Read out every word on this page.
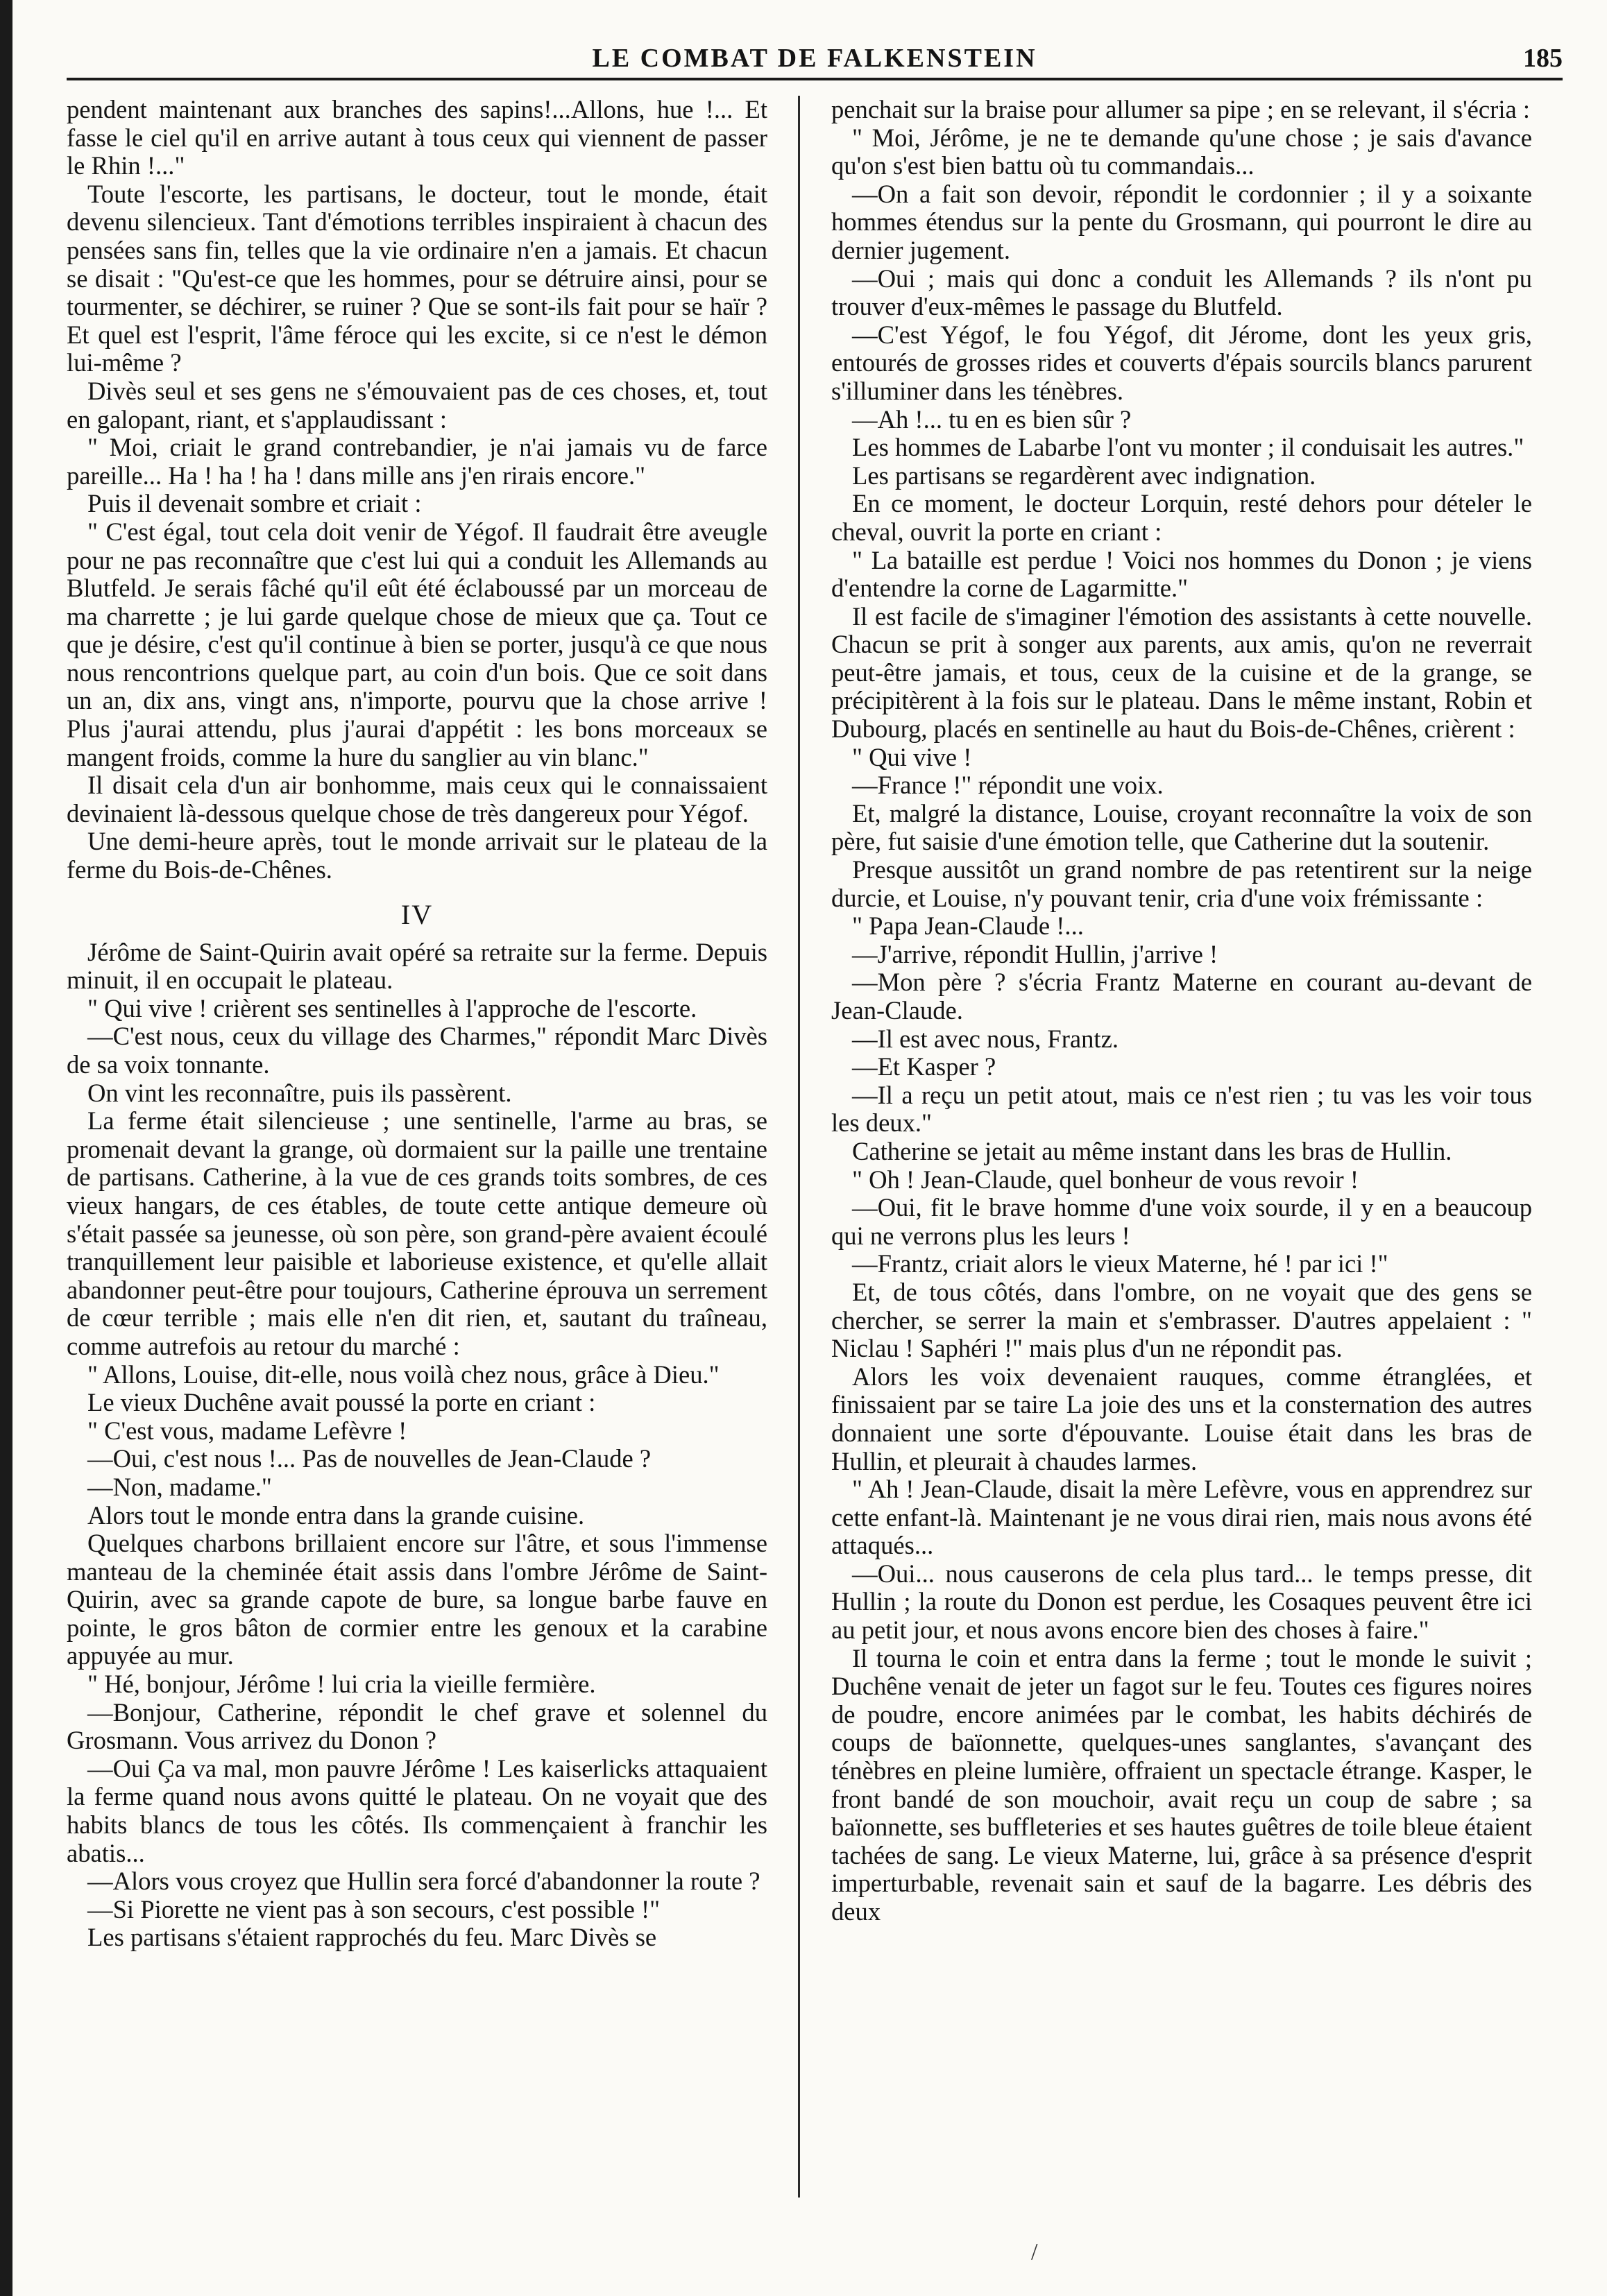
LE COMBAT DE FALKENSTEIN	185

pendent maintenant aux branches des sapins!...Allons, hue !... Et fasse le ciel qu'il en arrive autant à tous ceux qui viennent de passer le Rhin !..."

Toute l'escorte, les partisans, le docteur, tout le monde, était devenu silencieux. Tant d'émotions terribles inspiraient à chacun des pensées sans fin, telles que la vie ordinaire n'en a jamais. Et chacun se disait : "Qu'est-ce que les hommes, pour se détruire ainsi, pour se tourmenter, se déchirer, se ruiner ? Que se sont-ils fait pour se haïr ? Et quel est l'esprit, l'âme féroce qui les excite, si ce n'est le démon lui-même ?

Divès seul et ses gens ne s'émouvaient pas de ces choses, et, tout en galopant, riant, et s'applaudissant :

" Moi, criait le grand contrebandier, je n'ai jamais vu de farce pareille... Ha ! ha ! ha ! dans mille ans j'en rirais encore."

Puis il devenait sombre et criait :

" C'est égal, tout cela doit venir de Yégof. Il faudrait être aveugle pour ne pas reconnaître que c'est lui qui a conduit les Allemands au Blutfeld. Je serais fâché qu'il eût été éclaboussé par un morceau de ma charrette ; je lui garde quelque chose de mieux que ça. Tout ce que je désire, c'est qu'il continue à bien se porter, jusqu'à ce que nous nous rencontrions quelque part, au coin d'un bois. Que ce soit dans un an, dix ans, vingt ans, n'importe, pourvu que la chose arrive ! Plus j'aurai attendu, plus j'aurai d'appétit : les bons morceaux se mangent froids, comme la hure du sanglier au vin blanc."

Il disait cela d'un air bonhomme, mais ceux qui le connaissaient devinaient là-dessous quelque chose de très dangereux pour Yégof.

Une demi-heure après, tout le monde arrivait sur le plateau de la ferme du Bois-de-Chênes.

IV

Jérôme de Saint-Quirin avait opéré sa retraite sur la ferme. Depuis minuit, il en occupait le plateau.

" Qui vive ! crièrent ses sentinelles à l'approche de l'escorte.

—C'est nous, ceux du village des Charmes," répondit Marc Divès de sa voix tonnante.

On vint les reconnaître, puis ils passèrent.

La ferme était silencieuse ; une sentinelle, l'arme au bras, se promenait devant la grange, où dormaient sur la paille une trentaine de partisans. Catherine, à la vue de ces grands toits sombres, de ces vieux hangars, de ces étables, de toute cette antique demeure où s'était passée sa jeunesse, où son père, son grand-père avaient écoulé tranquillement leur paisible et laborieuse existence, et qu'elle allait abandonner peut-être pour toujours, Catherine éprouva un serrement de cœur terrible ; mais elle n'en dit rien, et, sautant du traîneau, comme autrefois au retour du marché :

" Allons, Louise, dit-elle, nous voilà chez nous, grâce à Dieu."

Le vieux Duchêne avait poussé la porte en criant :

" C'est vous, madame Lefèvre !

—Oui, c'est nous !... Pas de nouvelles de Jean-Claude ?

—Non, madame."

Alors tout le monde entra dans la grande cuisine.

Quelques charbons brillaient encore sur l'âtre, et sous l'immense manteau de la cheminée était assis dans l'ombre Jérôme de Saint-Quirin, avec sa grande capote de bure, sa longue barbe fauve en pointe, le gros bâton de cormier entre les genoux et la carabine appuyée au mur.

" Hé, bonjour, Jérôme ! lui cria la vieille fermière.

—Bonjour, Catherine, répondit le chef grave et solennel du Grosmann. Vous arrivez du Donon ?

—Oui Ça va mal, mon pauvre Jérôme ! Les kaiserlicks attaquaient la ferme quand nous avons quitté le plateau. On ne voyait que des habits blancs de tous les côtés. Ils commençaient à franchir les abatis...

—Alors vous croyez que Hullin sera forcé d'abandonner la route ?

—Si Piorette ne vient pas à son secours, c'est possible !"

Les partisans s'étaient rapprochés du feu. Marc Divès se

penchait sur la braise pour allumer sa pipe ; en se relevant, il s'écria :

" Moi, Jérôme, je ne te demande qu'une chose ; je sais d'avance qu'on s'est bien battu où tu commandais...

—On a fait son devoir, répondit le cordonnier ; il y a soixante hommes étendus sur la pente du Grosmann, qui pourront le dire au dernier jugement.

—Oui ; mais qui donc a conduit les Allemands ? ils n'ont pu trouver d'eux-mêmes le passage du Blutfeld.

—C'est Yégof, le fou Yégof, dit Jérome, dont les yeux gris, entourés de grosses rides et couverts d'épais sourcils blancs parurent s'illuminer dans les ténèbres.

—Ah !... tu en es bien sûr ?

Les hommes de Labarbe l'ont vu monter ; il conduisait les autres."

Les partisans se regardèrent avec indignation.

En ce moment, le docteur Lorquin, resté dehors pour dételer le cheval, ouvrit la porte en criant :

" La bataille est perdue ! Voici nos hommes du Donon ; je viens d'entendre la corne de Lagarmitte."

Il est facile de s'imaginer l'émotion des assistants à cette nouvelle. Chacun se prit à songer aux parents, aux amis, qu'on ne reverrait peut-être jamais, et tous, ceux de la cuisine et de la grange, se précipitèrent à la fois sur le plateau. Dans le même instant, Robin et Dubourg, placés en sentinelle au haut du Bois-de-Chênes, crièrent :

" Qui vive !

—France !" répondit une voix.

Et, malgré la distance, Louise, croyant reconnaître la voix de son père, fut saisie d'une émotion telle, que Catherine dut la soutenir.

Presque aussitôt un grand nombre de pas retentirent sur la neige durcie, et Louise, n'y pouvant tenir, cria d'une voix frémissante :

" Papa Jean-Claude !...

—J'arrive, répondit Hullin, j'arrive !

—Mon père ? s'écria Frantz Materne en courant au-devant de Jean-Claude.

—Il est avec nous, Frantz.

—Et Kasper ?

—Il a reçu un petit atout, mais ce n'est rien ; tu vas les voir tous les deux."

Catherine se jetait au même instant dans les bras de Hullin.

" Oh ! Jean-Claude, quel bonheur de vous revoir !

—Oui, fit le brave homme d'une voix sourde, il y en a beaucoup qui ne verrons plus les leurs !

—Frantz, criait alors le vieux Materne, hé ! par ici !"

Et, de tous côtés, dans l'ombre, on ne voyait que des gens se chercher, se serrer la main et s'embrasser. D'autres appelaient : " Niclau ! Saphéri !" mais plus d'un ne répondit pas.

Alors les voix devenaient rauques, comme étranglées, et finissaient par se taire La joie des uns et la consternation des autres donnaient une sorte d'épouvante. Louise était dans les bras de Hullin, et pleurait à chaudes larmes.

" Ah ! Jean-Claude, disait la mère Lefèvre, vous en apprendrez sur cette enfant-là. Maintenant je ne vous dirai rien, mais nous avons été attaqués...

—Oui... nous causerons de cela plus tard... le temps presse, dit Hullin ; la route du Donon est perdue, les Cosaques peuvent être ici au petit jour, et nous avons encore bien des choses à faire."

Il tourna le coin et entra dans la ferme ; tout le monde le suivit ; Duchêne venait de jeter un fagot sur le feu. Toutes ces figures noires de poudre, encore animées par le combat, les habits déchirés de coups de baïonnette, quelques-unes sanglantes, s'avançant des ténèbres en pleine lumière, offraient un spectacle étrange. Kasper, le front bandé de son mouchoir, avait reçu un coup de sabre ; sa baïonnette, ses buffleteries et ses hautes guêtres de toile bleue étaient tachées de sang. Le vieux Materne, lui, grâce à sa présence d'esprit imperturbable, revenait sain et sauf de la bagarre. Les débris des deux

/
